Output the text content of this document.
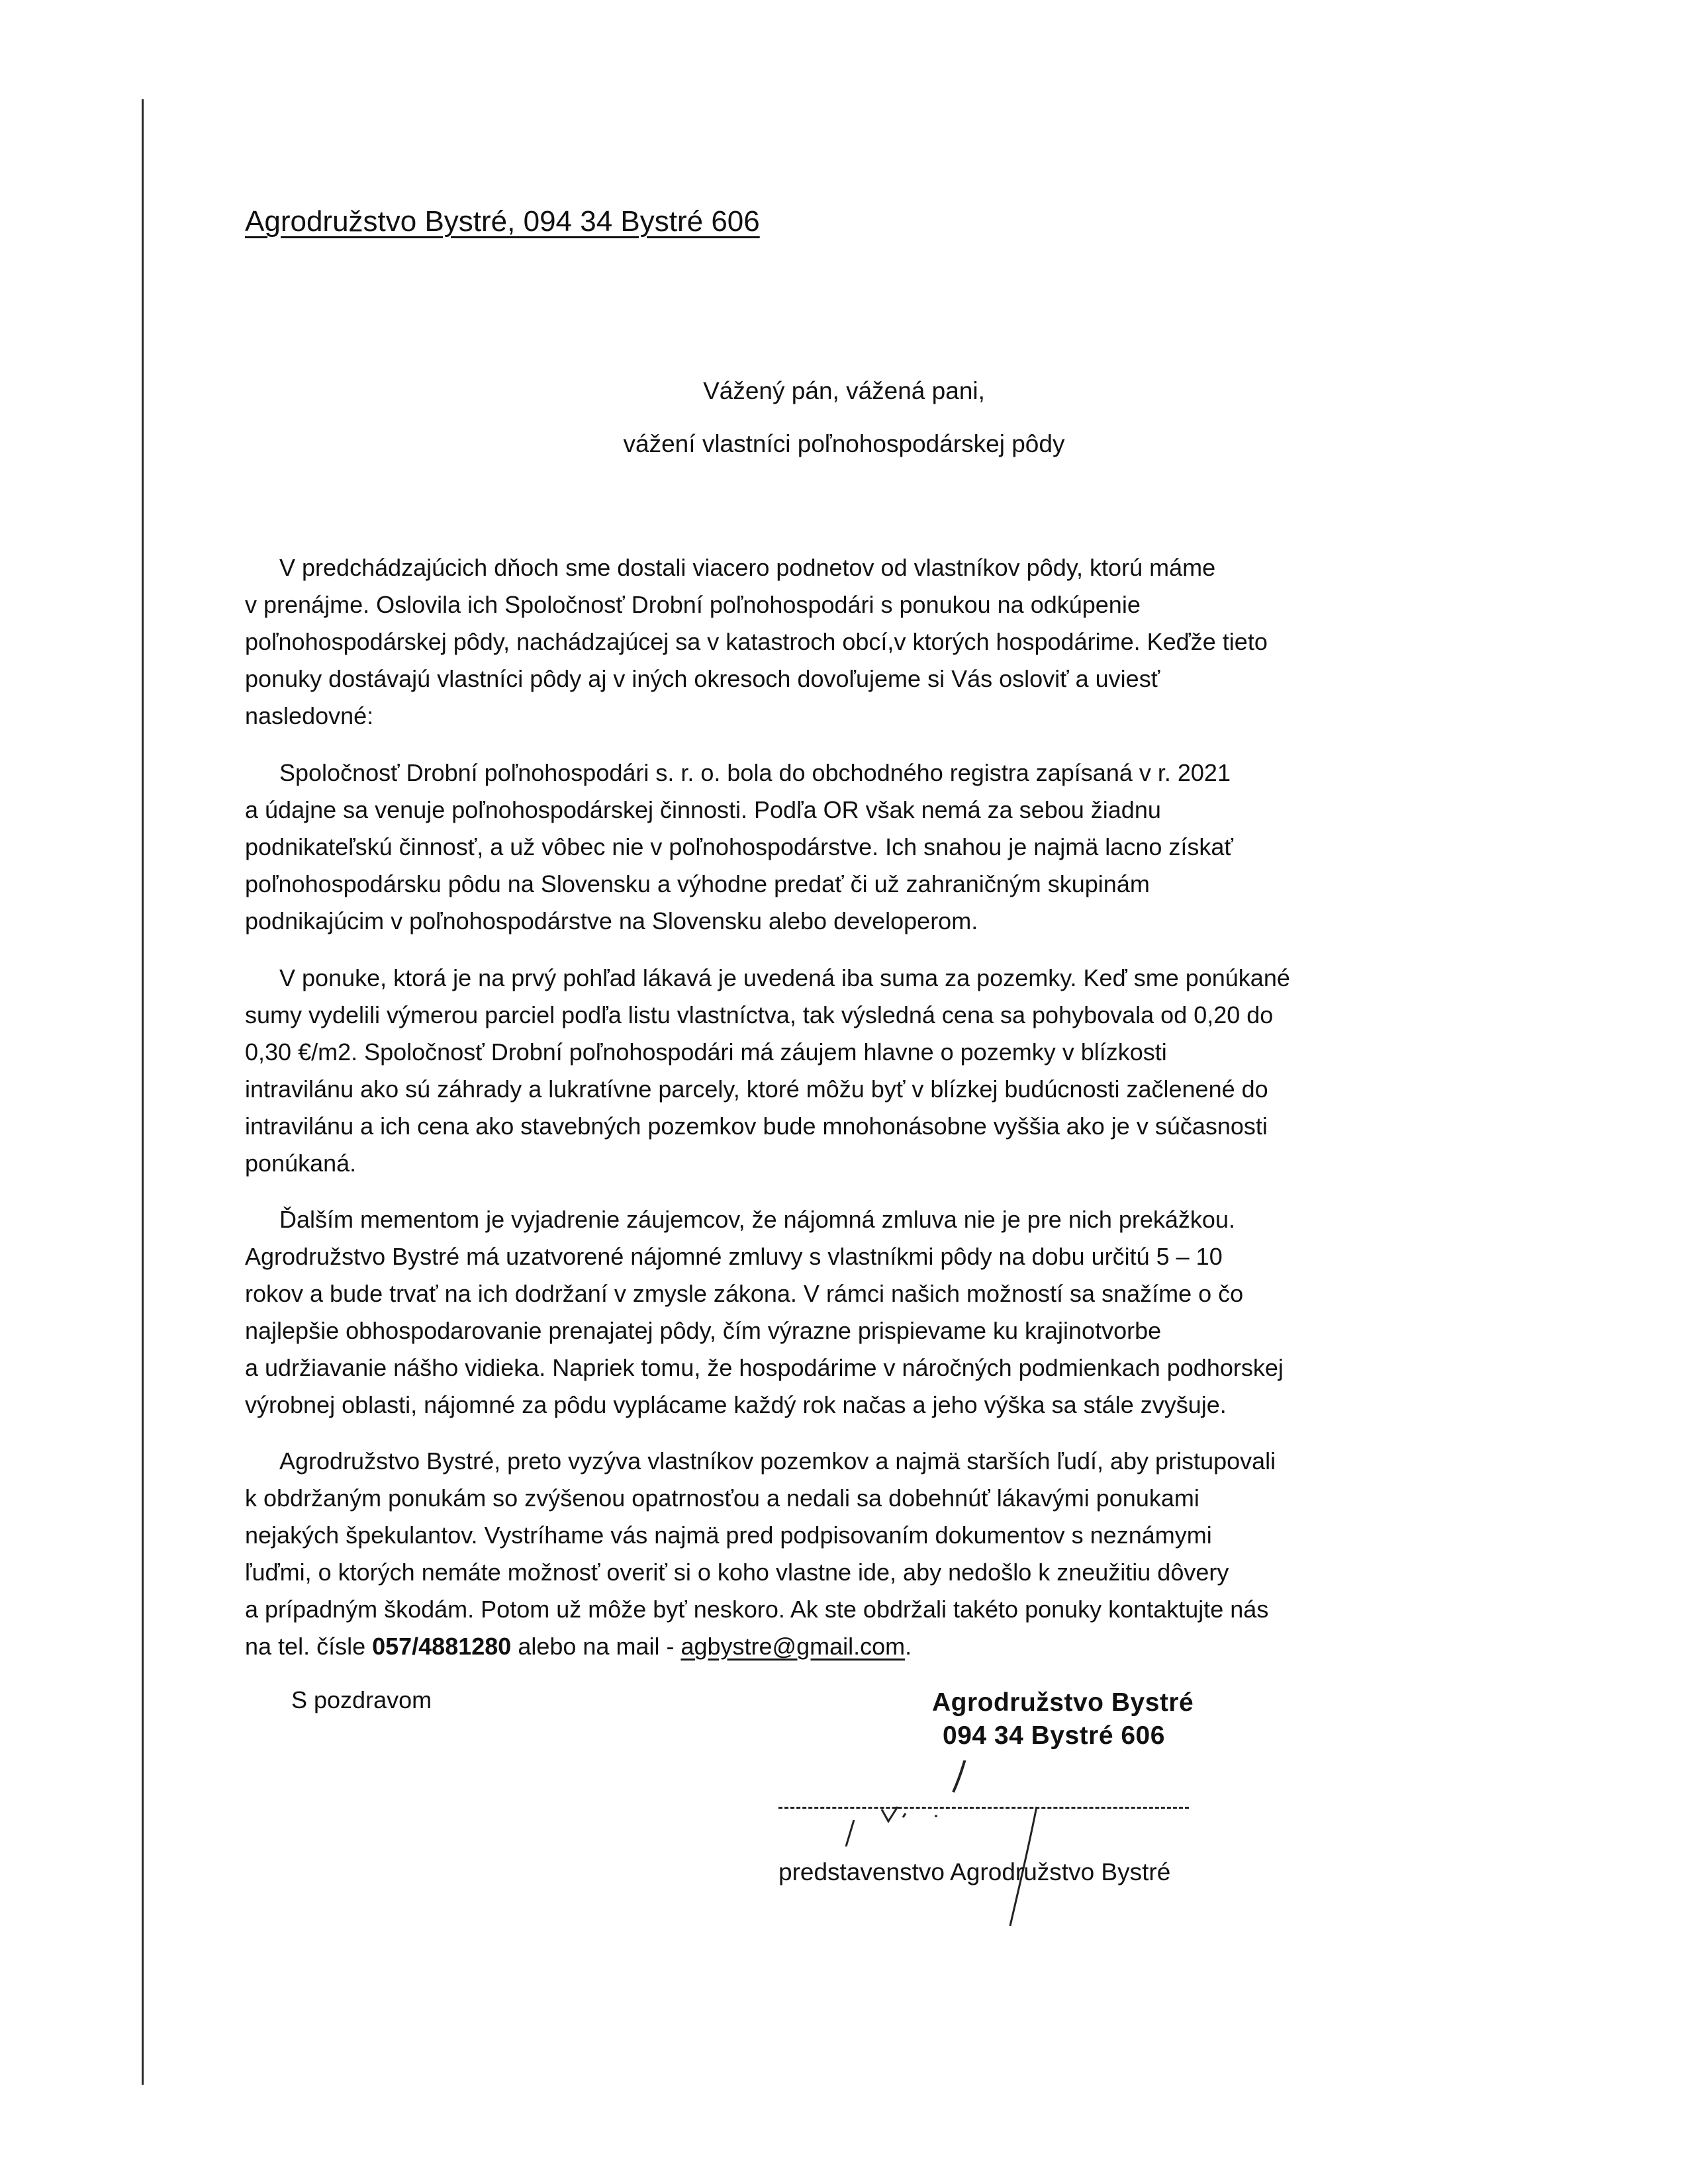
Agrodružstvo Bystré, 094 34 Bystré 606
Vážený pán, vážená pani,
vážení vlastníci poľnohospodárskej pôdy
V predchádzajúcich dňoch sme dostali viacero podnetov od vlastníkov pôdy, ktorú máme
v prenájme. Oslovila ich Spoločnosť Drobní poľnohospodári s ponukou na odkúpenie
poľnohospodárskej pôdy, nachádzajúcej sa v katastroch obcí,v ktorých hospodárime. Keďže tieto
ponuky dostávajú vlastníci pôdy aj v iných okresoch dovoľujeme si Vás osloviť a uviesť
nasledovné:
Spoločnosť Drobní poľnohospodári s. r. o. bola do obchodného registra zapísaná v r. 2021
a údajne sa venuje poľnohospodárskej činnosti. Podľa OR však nemá za sebou žiadnu
podnikateľskú činnosť, a už vôbec nie v poľnohospodárstve. Ich snahou je najmä lacno získať
poľnohospodársku pôdu na Slovensku a výhodne predať či už zahraničným skupinám
podnikajúcim v poľnohospodárstve na Slovensku alebo developerom.
V ponuke, ktorá je na prvý pohľad lákavá je uvedená iba suma za pozemky. Keď sme ponúkané
sumy vydelili výmerou parciel podľa listu vlastníctva, tak výsledná cena sa pohybovala od 0,20 do
0,30 €/m2. Spoločnosť Drobní poľnohospodári má záujem hlavne o pozemky v blízkosti
intravilánu ako sú záhrady a lukratívne parcely, ktoré môžu byť v blízkej budúcnosti začlenené do
intravilánu a ich cena ako stavebných pozemkov bude mnohonásobne vyššia ako je v súčasnosti
ponúkaná.
Ďalším mementom je vyjadrenie záujemcov, že nájomná zmluva nie je pre nich prekážkou.
Agrodružstvo Bystré má uzatvorené nájomné zmluvy s vlastníkmi pôdy na dobu určitú 5 – 10
rokov a bude trvať na ich dodržaní v zmysle zákona. V rámci našich možností sa snažíme o čo
najlepšie obhospodarovanie prenajatej pôdy, čím výrazne prispievame ku krajinotvorbe
a udržiavanie nášho vidieka. Napriek tomu, že hospodárime v náročných podmienkach podhorskej
výrobnej oblasti, nájomné za pôdu vyplácame každý rok načas a jeho výška sa stále zvyšuje.
Agrodružstvo Bystré, preto vyzýva vlastníkov pozemkov a najmä starších ľudí, aby pristupovali
k obdržaným ponukám so zvýšenou opatrnosťou a nedali sa dobehnúť lákavými ponukami
nejakých špekulantov. Vystríhame vás najmä pred podpisovaním dokumentov s neznámymi
ľuďmi, o ktorých nemáte možnosť overiť si o koho vlastne ide, aby nedošlo k zneužitiu dôvery
a prípadným škodám. Potom už môže byť neskoro. Ak ste obdržali takéto ponuky kontaktujte nás
na tel. čísle 057/4881280 alebo na mail - agbystre@gmail.com.
S pozdravom	Agrodružstvo Bystré
094 34 Bystré 606
predstavenstvo Agrodružstvo Bystré
